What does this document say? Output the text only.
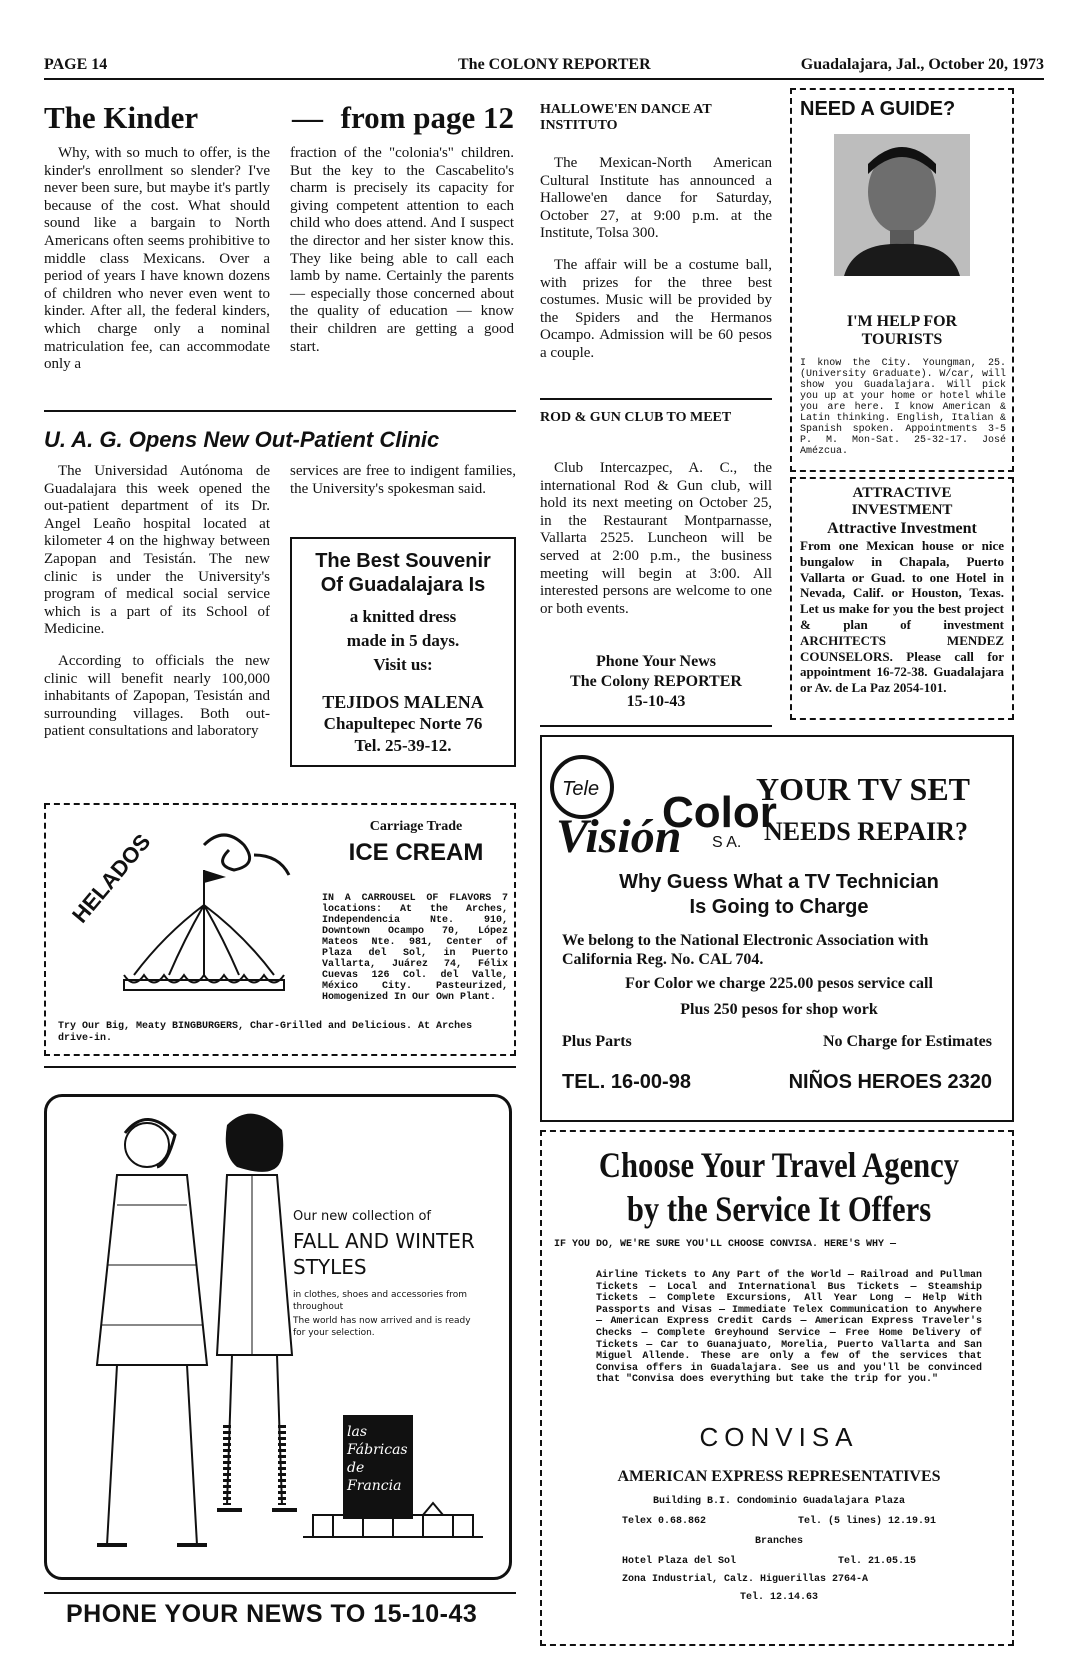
PAGE 14	The COLONY REPORTER	Guadalajara, Jal., October 20, 1973
The Kinder	— from page 12

Why, with so much to offer, is the kinder's enrollment so slender? I've never been sure, but maybe it's partly because of the cost. What should sound like a bargain to North Americans often seems prohibitive to middle class Mexicans. Over a period of years I have known dozens of children who never even went to kinder. After all, the federal kinders, which charge only a nominal matriculation fee, can accommodate only a

fraction of the "colonia's" children. But the key to the Cascabelito's charm is precisely its capacity for giving competent attention to each child who does attend. And I suspect the director and her sister know this. They like being able to call each lamb by name. Certainly the parents — especially those concerned about the quality of education — know their children are getting a good start.

U. A. G. Opens New Out-Patient Clinic

The Universidad Autónoma de Guadalajara this week opened the out-patient department of its Dr. Angel Leaño hospital located at kilometer 4 on the highway between Zapopan and Tesistán. The new clinic is under the University's program of medical social service which is a part of its School of Medicine.

According to officials the new clinic will benefit nearly 100,000 inhabitants of Zapopan, Tesistán and surrounding villages. Both out-patient consultations and laboratory

services are free to indigent families, the University's spokesman said.

The Best Souvenir
Of Guadalajara Is
a knitted dress
made in 5 days.
Visit us:
TEJIDOS MALENA
Chapultepec Norte 76
Tel. 25-39-12.
HALLOWE'EN DANCE AT INSTITUTO

The Mexican-North American Cultural Institute has announced a Hallowe'en dance for Saturday, October 27, at 9:00 p.m. at the Institute, Tolsa 300.

The affair will be a costume ball, with prizes for the three best costumes. Music will be provided by the Spiders and the Hermanos Ocampo. Admission will be 60 pesos a couple.

ROD & GUN CLUB TO MEET

Club Intercazpec, A. C., the international Rod & Gun club, will hold its next meeting on October 25, in the Restaurant Montparnasse, Vallarta 2525. Luncheon will be served at 2:00 p.m., the business meeting will begin at 3:00. All interested persons are welcome to one or both events.

Phone Your News
The Colony REPORTER
15-10-43
NEED A GUIDE?
I'M HELP FOR TOURISTS
I know the City. Youngman, 25. (University Graduate). W/car, will show you Guadalajara. Will pick you up at your home or hotel while you are here. I know American & Latin thinking. English, Italian & Spanish spoken. Appointments 3-5 P. M. Mon-Sat. 25-32-17. José Amézcua.
ATTRACTIVE
INVESTMENT
Attractive Investment
From one Mexican house or nice bungalow in Chapala, Puerto Vallarta or Guad. to one Hotel in Nevada, Calif. or Houston, Texas. Let us make for you the best project & plan of investment ARCHITECTS MENDEZ COUNSELORS. Please call for appointment 16-72-38. Guadalajara or Av. de La Paz 2054-101.
HELADOS
Carriage Trade
ICE CREAM
IN A CARROUSEL OF FLAVORS 7 locations: At the Arches, Independencia Nte. 910, Downtown Ocampo 70, López Mateos Nte. 981, Center of Plaza del Sol, in Puerto Vallarta, Juárez 74, Félix Cuevas 126 Col. del Valle, México City. Pasteurized, Homogenized In Our Own Plant.
Try Our Big, Meaty BINGBURGERS, Char-Grilled and Delicious. At Arches drive-in.
Tele
Visión
Color
S A.
YOUR TV SET
NEEDS REPAIR?
Why Guess What a TV Technician
Is Going to Charge
We belong to the National Electronic Association with California Reg. No. CAL 704.
For Color we charge 225.00 pesos service call
Plus 250 pesos for shop work
Plus Parts	No Charge for Estimates
TEL. 16-00-98	NIÑOS HEROES 2320
Our new collection of
FALL AND WINTER
STYLES
in clothes, shoes and accessories from throughout
The world has now arrived and is ready for your selection.
las Fábricas de Francia
PHONE YOUR NEWS TO 15-10-43
Choose Your Travel Agency
by the Service It Offers
IF YOU DO, WE'RE SURE YOU'LL CHOOSE CONVISA. HERE'S WHY —
Airline Tickets to Any Part of the World — Railroad and Pullman Tickets — Local and International Bus Tickets — Steamship Tickets — Complete Excursions, All Year Long — Help With Passports and Visas — Immediate Telex Communication to Anywhere — American Express Credit Cards — American Express Traveler's Checks — Complete Greyhound Service — Free Home Delivery of Tickets — Car to Guanajuato, Morelia, Puerto Vallarta and San Miguel Allende. These are only a few of the services that Convisa offers in Guadalajara. See us and you'll be convinced that "Convisa does everything but take the trip for you."
CONVISA
AMERICAN EXPRESS REPRESENTATIVES
Building B.I. Condominio Guadalajara Plaza
Telex 0.68.862	Tel. (5 lines) 12.19.91
Branches
Hotel Plaza del Sol	Tel. 21.05.15
Zona Industrial, Calz. Higuerillas 2764-A
Tel. 12.14.63
